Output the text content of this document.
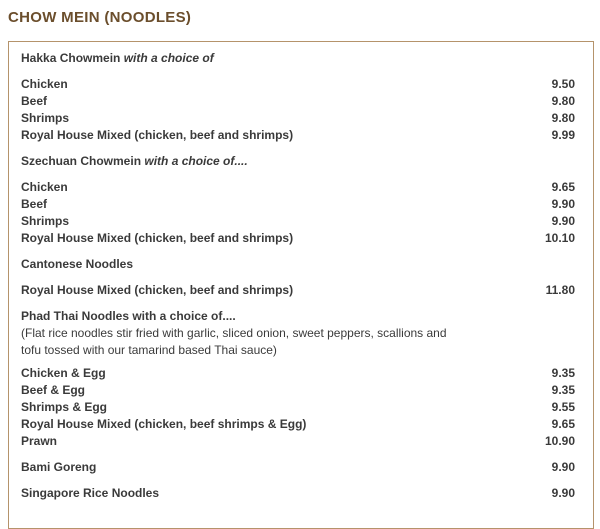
CHOW MEIN (NOODLES)
Hakka Chowmein with a choice of
Chicken	9.50
Beef	9.80
Shrimps	9.80
Royal House Mixed (chicken, beef and shrimps)	9.99
Szechuan Chowmein with a choice of....
Chicken	9.65
Beef	9.90
Shrimps	9.90
Royal House Mixed (chicken, beef and shrimps)	10.10
Cantonese Noodles
Royal House Mixed (chicken, beef and shrimps)	11.80
Phad Thai Noodles with a choice of....
(Flat rice noodles stir fried with garlic, sliced onion, sweet peppers, scallions and
tofu tossed with our tamarind based Thai sauce)
Chicken & Egg	9.35
Beef & Egg	9.35
Shrimps & Egg	9.55
Royal House Mixed (chicken, beef shrimps & Egg)	9.65
Prawn	10.90
Bami Goreng	9.90
Singapore Rice Noodles	9.90
